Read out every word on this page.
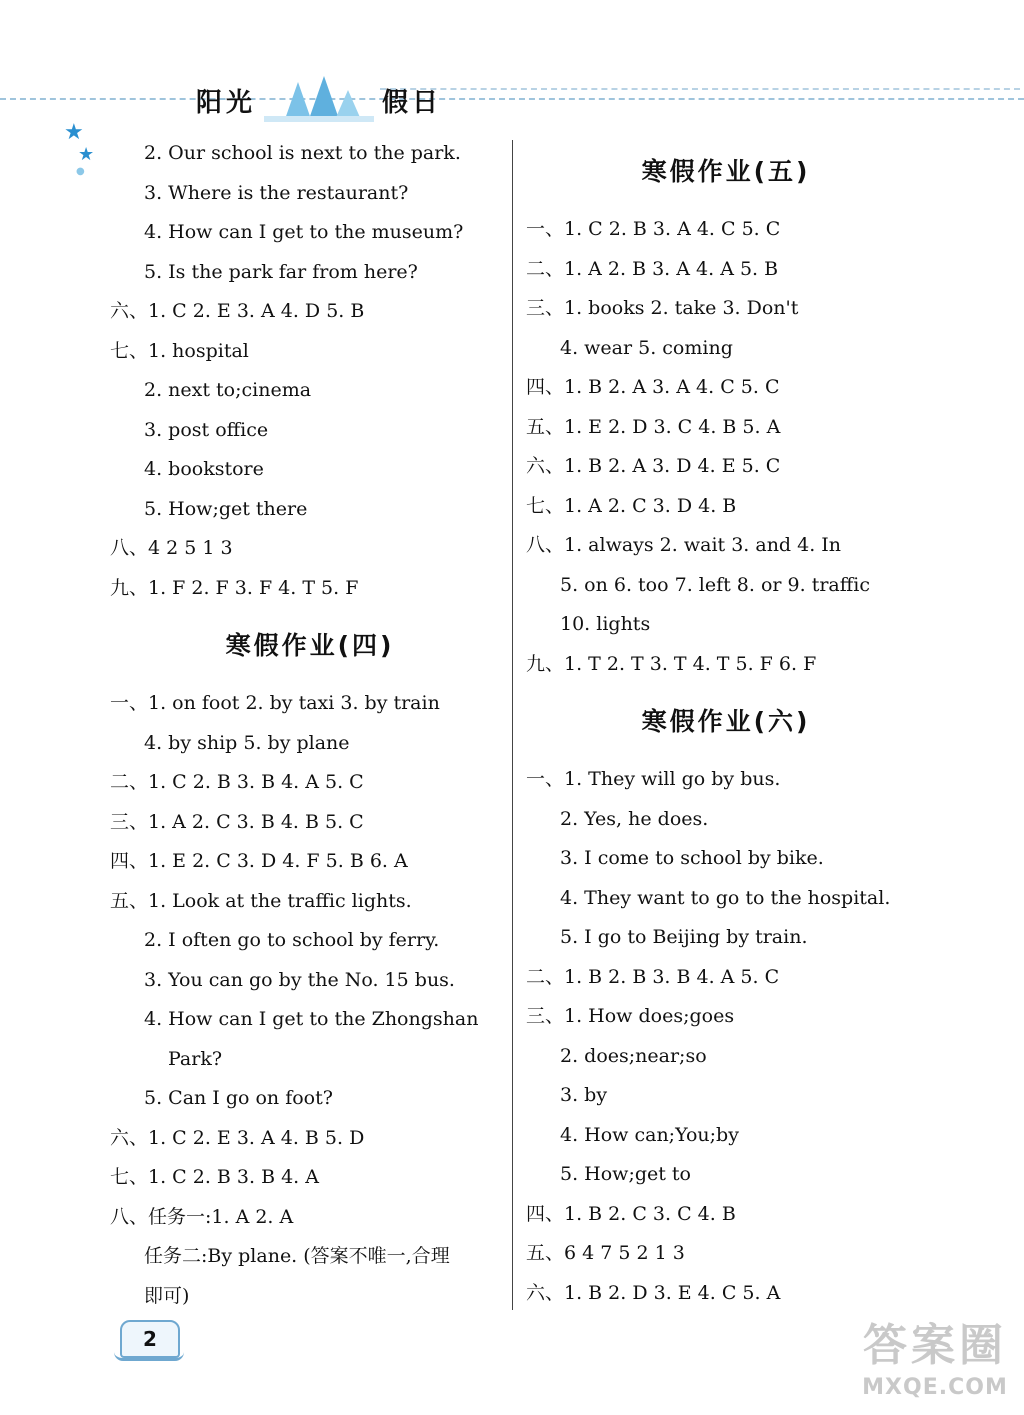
阳光	假日
★
★
●
2. Our school is next to the park.
3. Where is the restaurant?
4. How can I get to the museum?
5. Is the park far from here?
六、1. C 2. E 3. A 4. D 5. B
七、1. hospital
2. next to;cinema
3. post office
4. bookstore
5. How;get there
八、4 2 5 1 3
九、1. F 2. F 3. F 4. T 5. F
寒假作业(四)
一、1. on foot 2. by taxi 3. by train
4. by ship 5. by plane
二、1. C 2. B 3. B 4. A 5. C
三、1. A 2. C 3. B 4. B 5. C
四、1. E 2. C 3. D 4. F 5. B 6. A
五、1. Look at the traffic lights.
2. I often go to school by ferry.
3. You can go by the No. 15 bus.
4. How can I get to the Zhongshan
Park?
5. Can I go on foot?
六、1. C 2. E 3. A 4. B 5. D
七、1. C 2. B 3. B 4. A
八、任务一:1. A 2. A
任务二:By plane. (答案不唯一,合理
即可)
寒假作业(五)
一、1. C 2. B 3. A 4. C 5. C
二、1. A 2. B 3. A 4. A 5. B
三、1. books 2. take 3. Don't
4. wear 5. coming
四、1. B 2. A 3. A 4. C 5. C
五、1. E 2. D 3. C 4. B 5. A
六、1. B 2. A 3. D 4. E 5. C
七、1. A 2. C 3. D 4. B
八、1. always 2. wait 3. and 4. In
5. on 6. too 7. left 8. or 9. traffic
10. lights
九、1. T 2. T 3. T 4. T 5. F 6. F
寒假作业(六)
一、1. They will go by bus.
2. Yes, he does.
3. I come to school by bike.
4. They want to go to the hospital.
5. I go to Beijing by train.
二、1. B 2. B 3. B 4. A 5. C
三、1. How does;goes
2. does;near;so
3. by
4. How can;You;by
5. How;get to
四、1. B 2. C 3. C 4. B
五、6 4 7 5 2 1 3
六、1. B 2. D 3. E 4. C 5. A
2	答案圈
MXQE.COM
